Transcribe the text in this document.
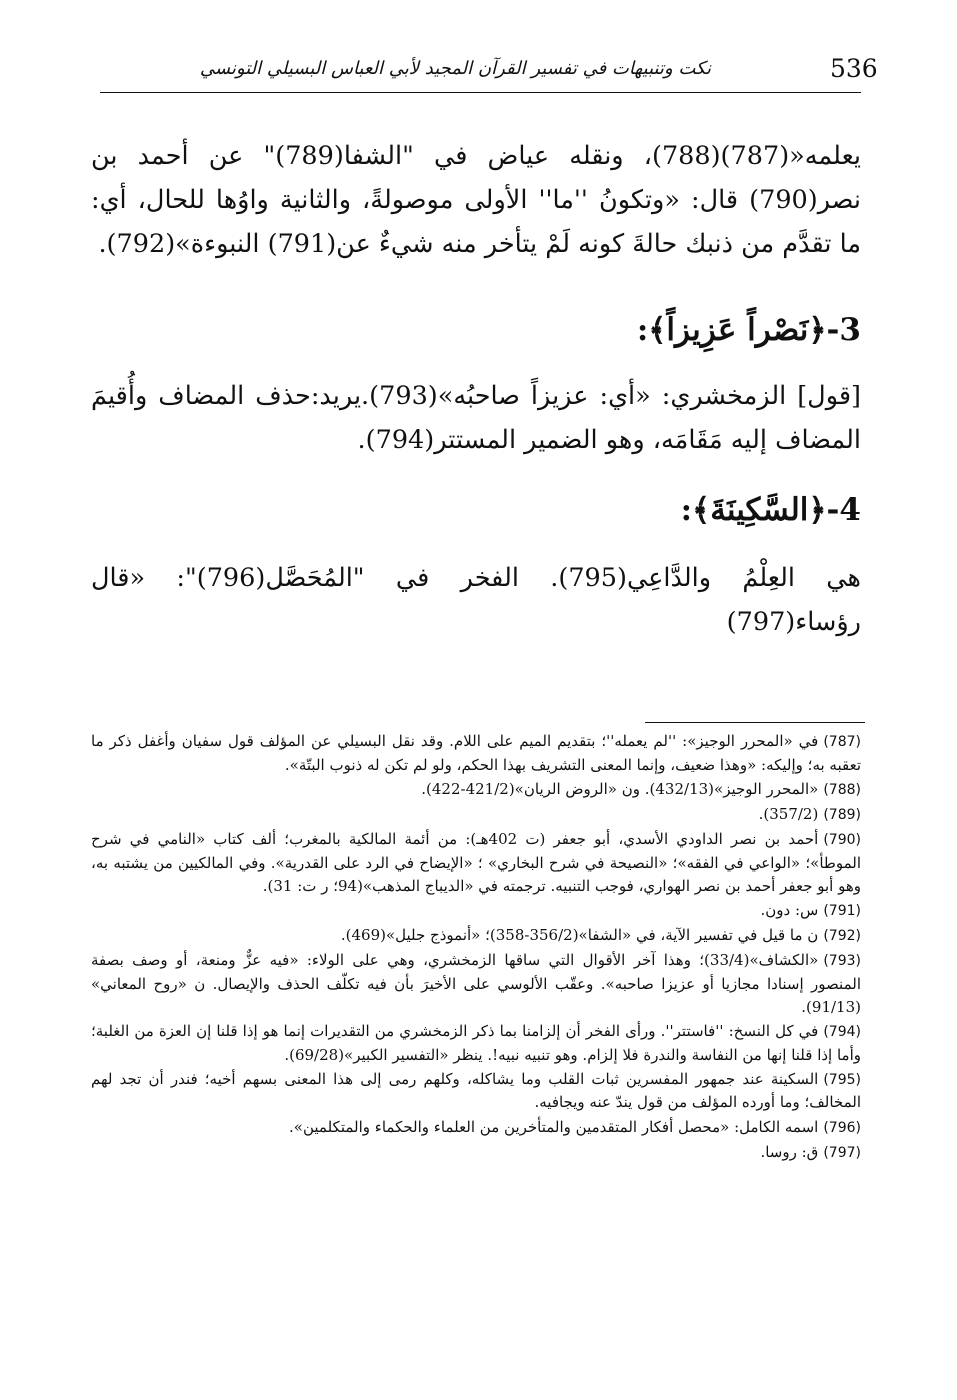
536
نكت وتنبيهات في تفسير القرآن المجيد لأبي العباس البسيلي التونسي

يعلمه«(787)(788)، ونقله عياض في "الشفا(789)" عن أحمد بن نصر(790) قال: «وتكونُ ''ما'' الأولى موصولةً، والثانية واوُها للحال، أي: ما تقدَّم من ذنبك حالةَ كونه لَمْ يتأخر منه شيءٌ عن(791) النبوءة»(792).

3-﴿نَصْراً عَزِيزاً﴾:

[قول] الزمخشري: «أي: عزيزاً صاحبُه»(793).يريد:حذف المضاف وأُقيمَ المضاف إليه مَقَامَه، وهو الضمير المستتر(794).

4-﴿السَّكِينَةَ﴾:

هي العِلْمُ والدَّاعِي(795). الفخر في "المُحَصَّل(796)": «قال رؤساء(797)

(787)في «المحرر الوجيز»: ''لم يعمله''؛ بتقديم الميم على اللام. وقد نقل البسيلي عن المؤلف قول سفيان وأغفل ذكر ما تعقبه به؛ وإليكه: «وهذا ضعيف، وإنما المعنى التشريف بهذا الحكم، ولو لم تكن له ذنوب البتّة».
(788)«المحرر الوجيز»(432/13). ون «الروض الريان»(421/2-422).
(789)(357/2).
(790)أحمد بن نصر الداودي الأسدي، أبو جعفر (ت 402هـ): من أئمة المالكية بالمغرب؛ ألف كتاب «النامي في شرح الموطأ»؛ «الواعي في الفقه»؛ «النصيحة في شرح البخاري» ؛ «الإيضاح في الرد على القدرية». وفي المالكيين من يشتبه به، وهو أبو جعفر أحمد بن نصر الهواري، فوجب التنبيه. ترجمته في «الديباج المذهب»(94؛ ر ت: 31).
(791)س: دون.
(792)ن ما قيل في تفسير الآية، في «الشفا»(356/2-358)؛ «أنموذج جليل»(469).
(793)«الكشاف»(33/4)؛ وهذا آخر الأقوال التي ساقها الزمخشري، وهي على الولاء: «فيه عزٌّ ومنعة، أو وصف بصفة المنصور إسنادا مجازيا أو عزيزا صاحبه». وعقّب الألوسي على الأخيرَ بأن فيه تكلّف الحذف والإيصال. ن «روح المعاني» (91/13).
(794)في كل النسخ: ''فاستتر''. ورأى الفخر أن إلزامنا بما ذكر الزمخشري من التقديرات إنما هو إذا قلنا إن العزة من الغلبة؛ وأما إذا قلنا إنها من النفاسة والندرة فلا إلزام. وهو تنبيه نبيه!. ينظر «التفسير الكبير»(69/28).
(795)السكينة عند جمهور المفسرين ثبات القلب وما يشاكله، وكلهم رمى إلى هذا المعنى بسهم أخيه؛ فندر أن تجد لهم المخالف؛ وما أورده المؤلف من قول يندّ عنه ويجافيه.
(796)اسمه الكامل: «محصل أفكار المتقدمين والمتأخرين من العلماء والحكماء والمتكلمين».
(797)ق: روسا.
